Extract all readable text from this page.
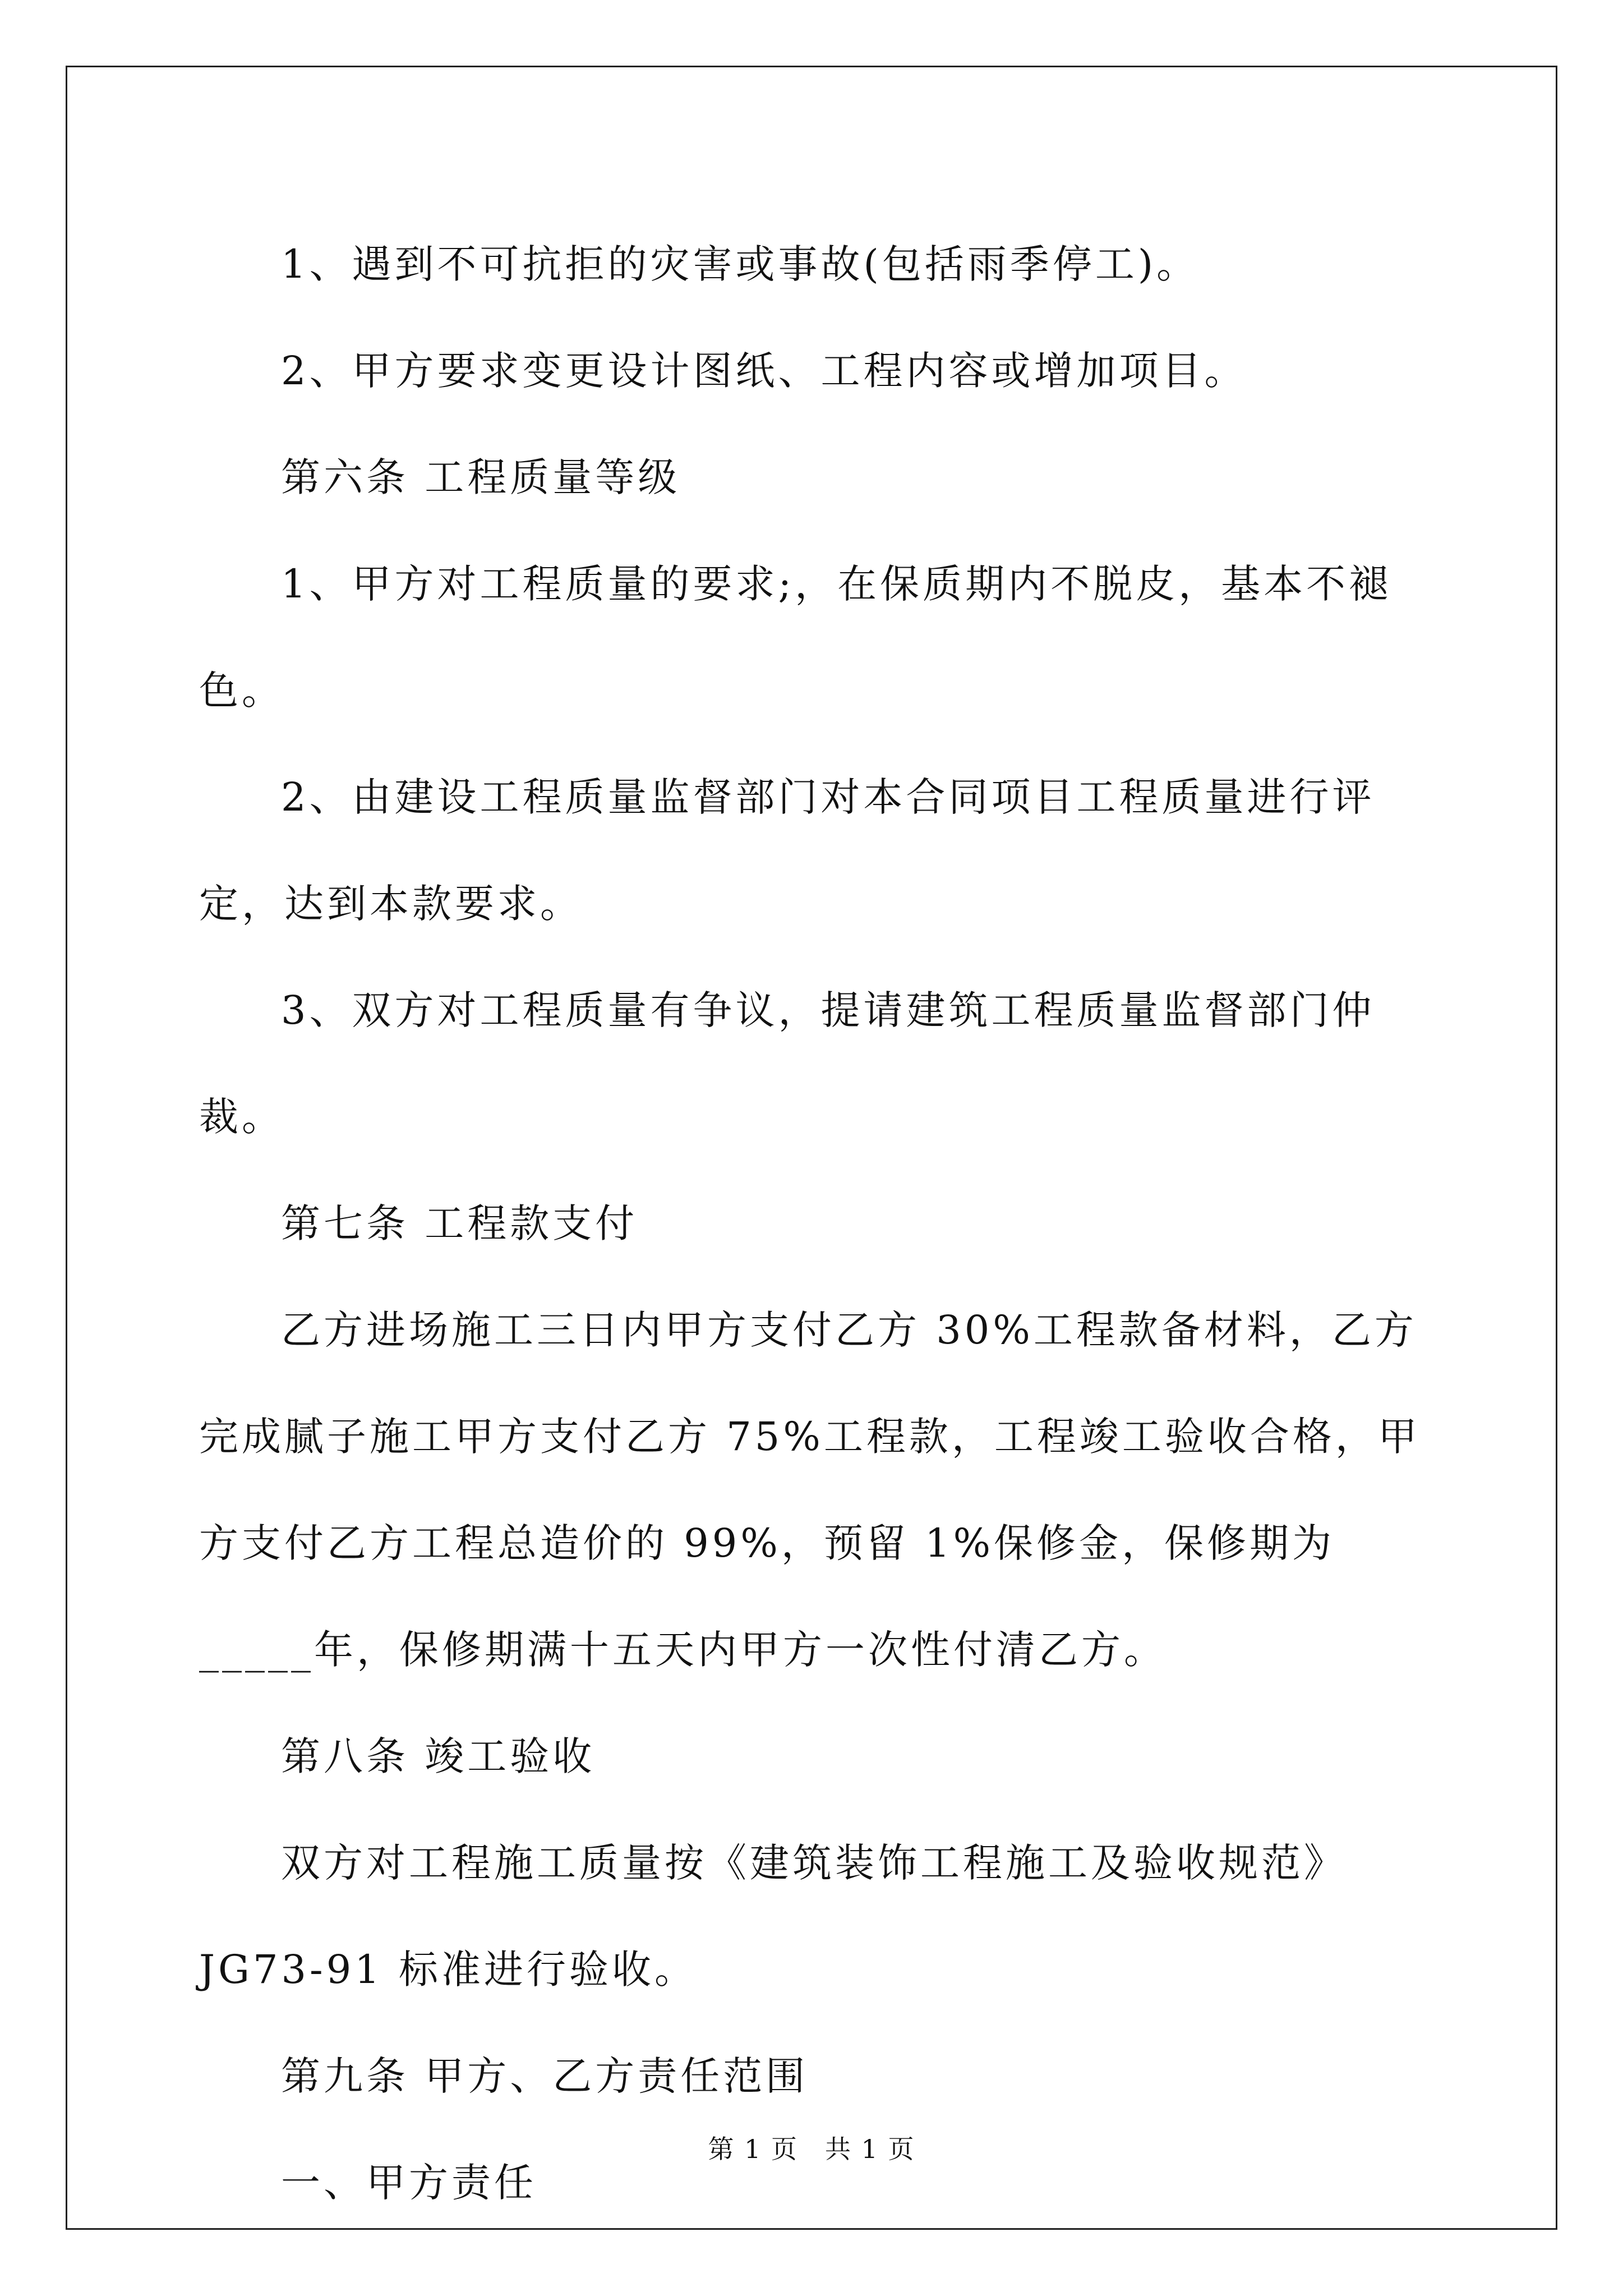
1、遇到不可抗拒的灾害或事故(包括雨季停工)。

2、甲方要求变更设计图纸、工程内容或增加项目。

第六条 工程质量等级

1、甲方对工程质量的要求;，在保质期内不脱皮，基本不褪色。

2、由建设工程质量监督部门对本合同项目工程质量进行评定，达到本款要求。

3、双方对工程质量有争议，提请建筑工程质量监督部门仲裁。

第七条 工程款支付

乙方进场施工三日内甲方支付乙方 30%工程款备材料，乙方完成腻子施工甲方支付乙方 75%工程款，工程竣工验收合格，甲方支付乙方工程总造价的 99%，预留 1%保修金，保修期为_____年，保修期满十五天内甲方一次性付清乙方。

第八条 竣工验收

双方对工程施工质量按《建筑装饰工程施工及验收规范》JG73-91 标准进行验收。

第九条 甲方、乙方责任范围

一、甲方责任

第 1 页　共 1 页
